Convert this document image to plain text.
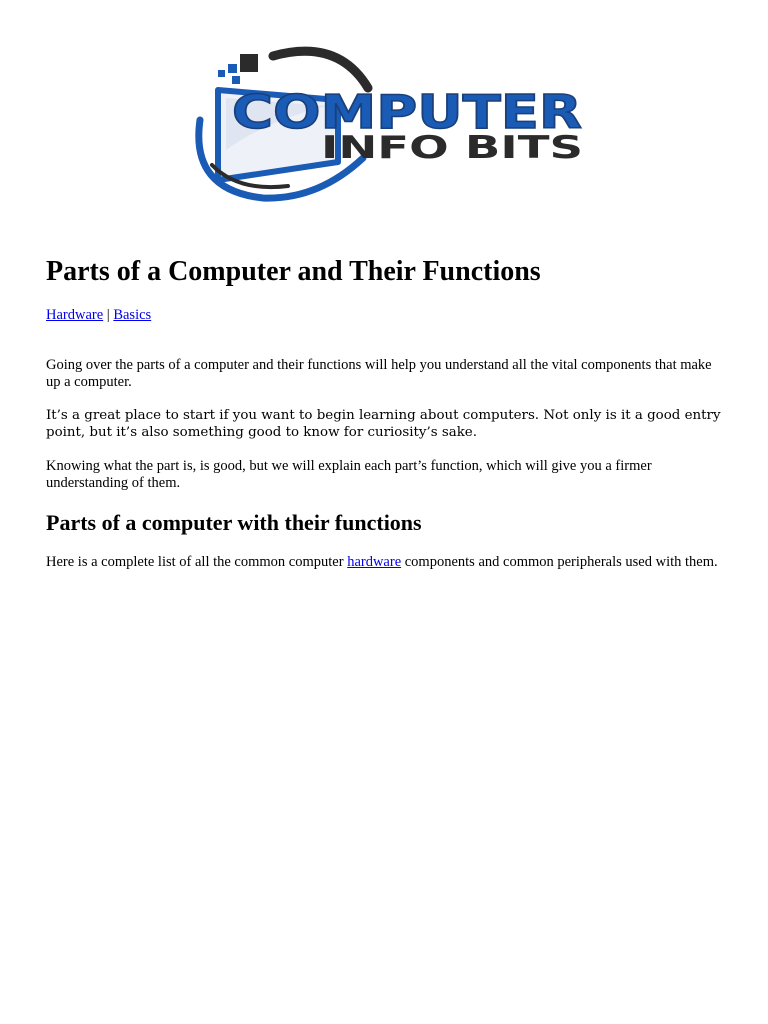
COMPUTER
INFO BITS
Parts of a Computer and Their Functions
Hardware | Basics

Going over the parts of a computer and their functions will help you understand all the vital components that make up a computer.

It’s a great place to start if you want to begin learning about computers. Not only is it a good entry point, but it’s also something good to know for curiosity’s sake.

Knowing what the part is, is good, but we will explain each part’s function, which will give you a firmer understanding of them.

Parts of a computer with their functions

Here is a complete list of all the common computer hardware components and common peripherals used with them.
